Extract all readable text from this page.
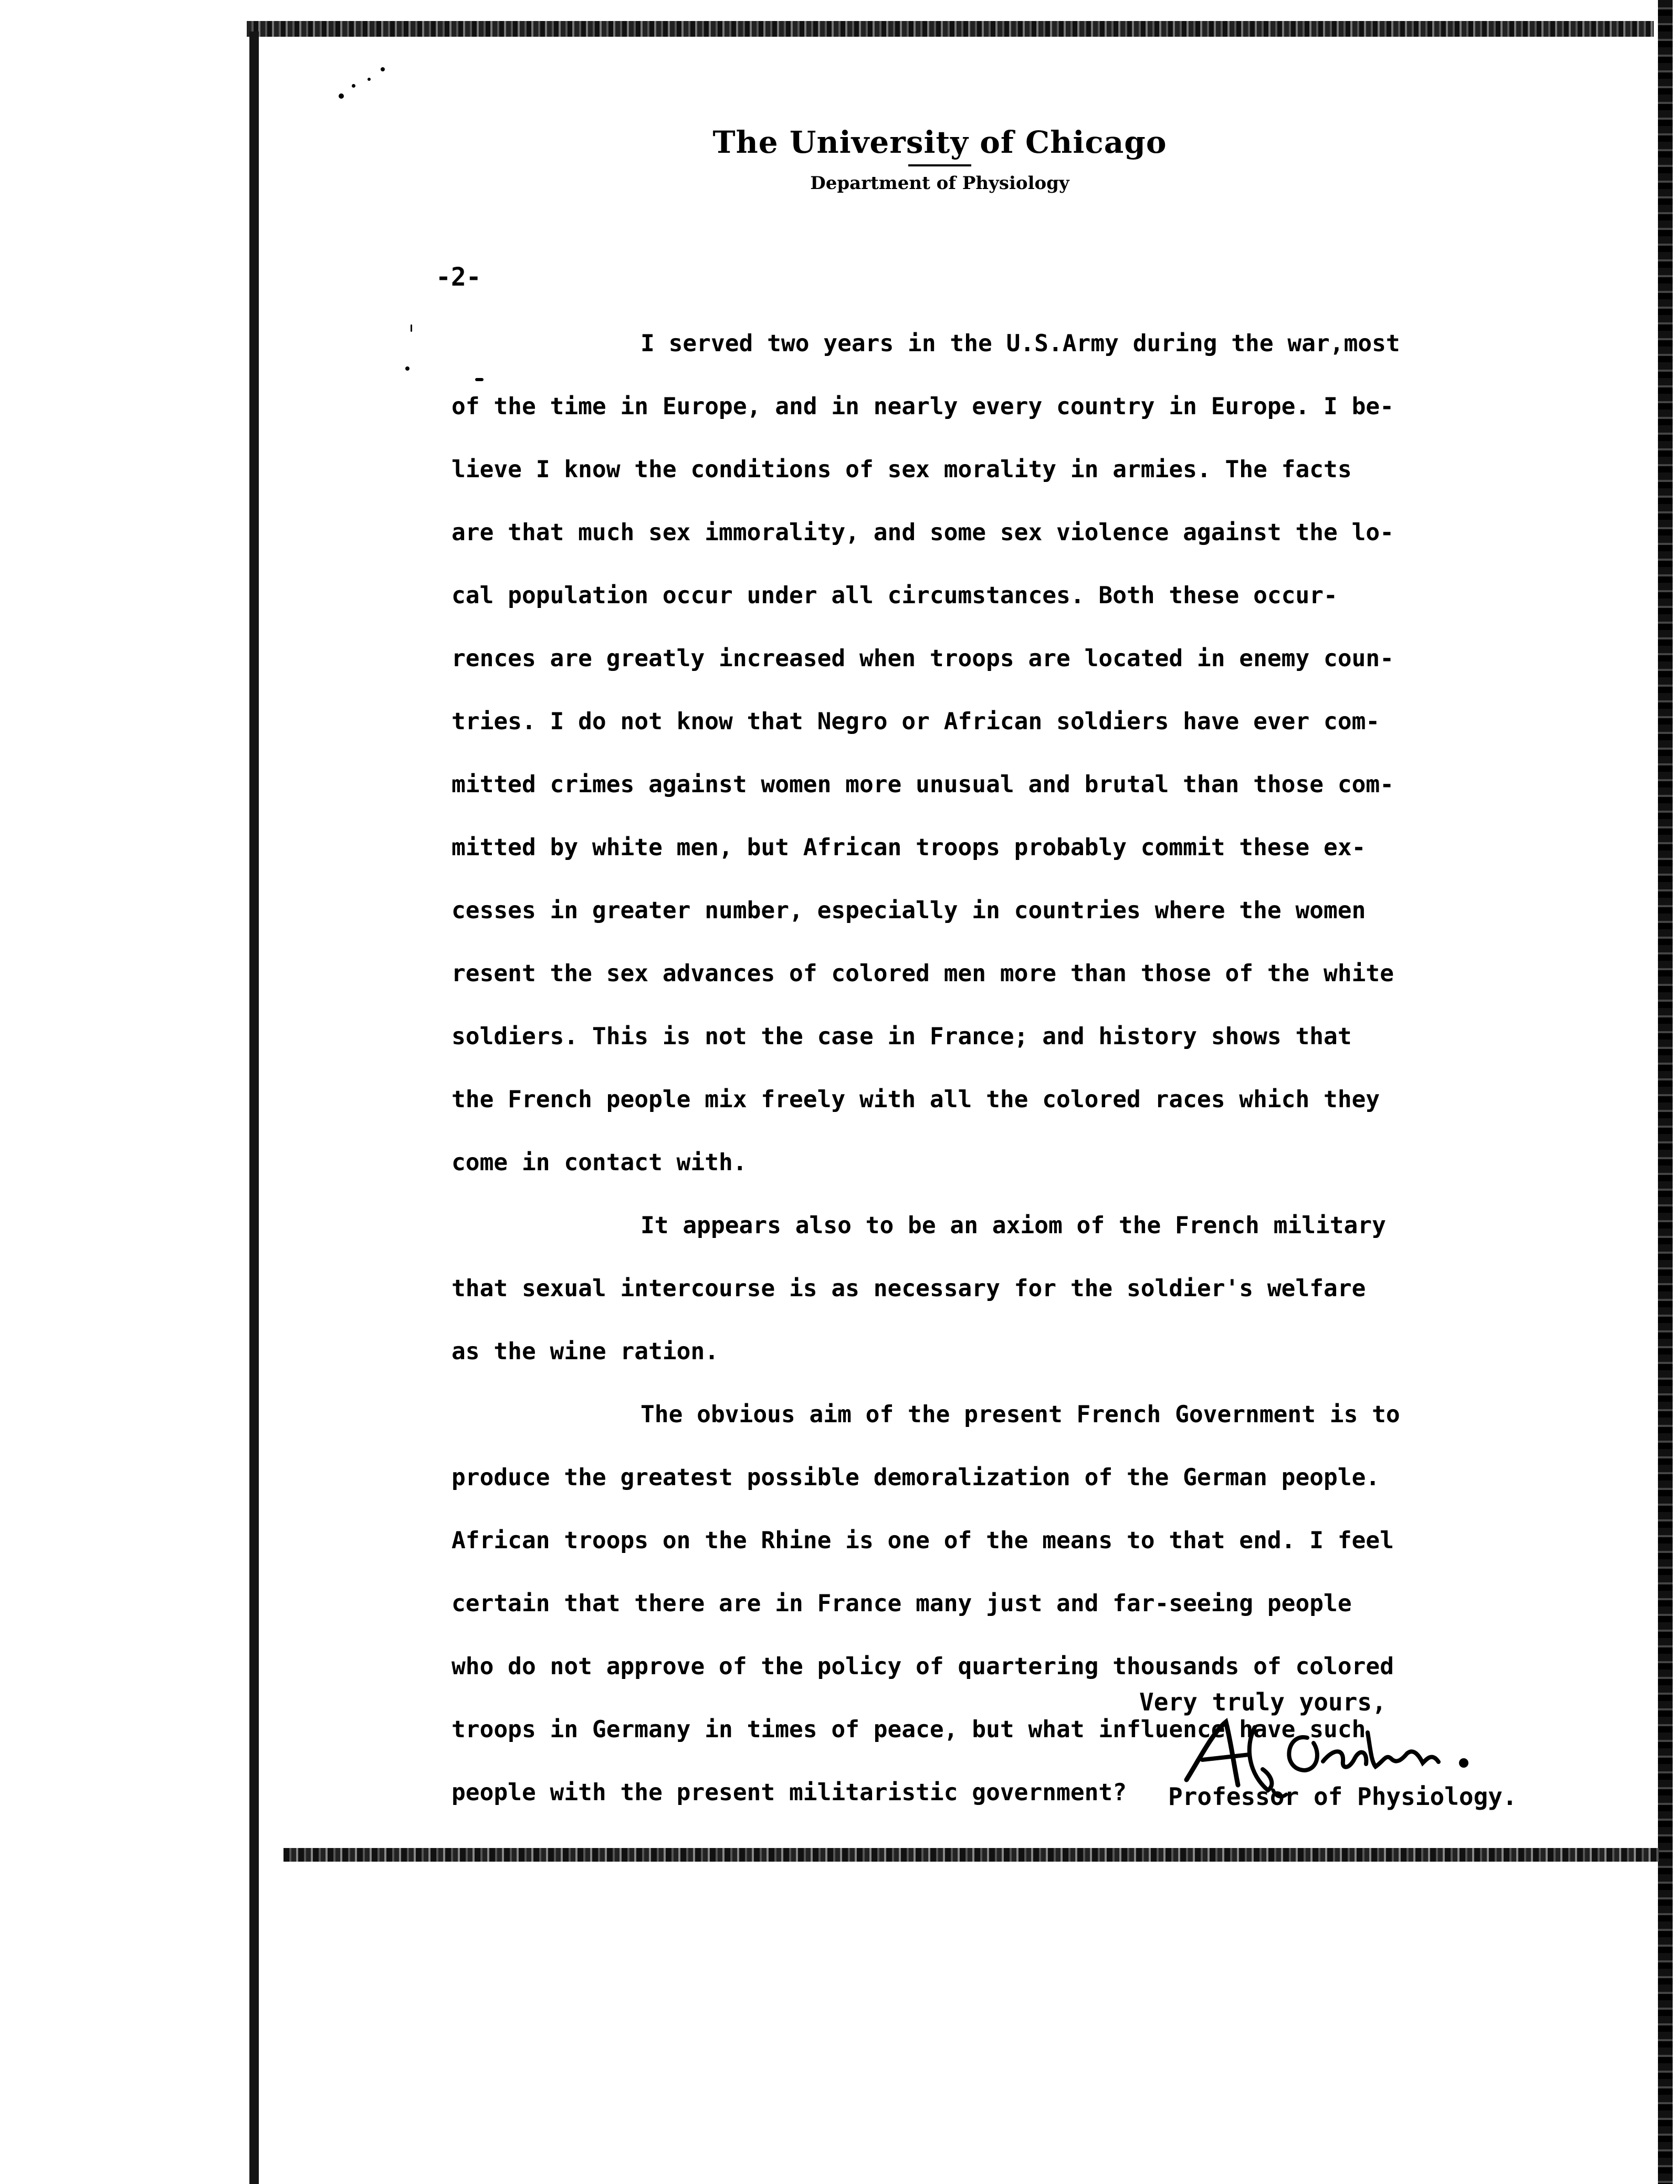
The University of Chicago
Department of Physiology
-2-
I served two years in the U.S.Army during the war,most
of the time in Europe, and in nearly every country in Europe. I be-
lieve I know the conditions of sex morality in armies. The facts
are that much sex immorality, and some sex violence against the lo-
cal population occur under all circumstances. Both these occur-
rences are greatly increased when troops are located in enemy coun-
tries. I do not know that Negro or African soldiers have ever com-
mitted crimes against women more unusual and brutal than those com-
mitted by white men, but African troops probably commit these ex-
cesses in greater number, especially in countries where the women
resent the sex advances of colored men more than those of the white
soldiers. This is not the case in France; and history shows that
the French people mix freely with all the colored races which they
come in contact with.
It appears also to be an axiom of the French military
that sexual intercourse is as necessary for the soldier's welfare
as the wine ration.
The obvious aim of the present French Government is to
produce the greatest possible demoralization of the German people.
African troops on the Rhine is one of the means to that end. I feel
certain that there are in France many just and far-seeing people
who do not approve of the policy of quartering thousands of colored
troops in Germany in times of peace, but what influence have such
people with the present militaristic government?
Very truly yours,
Professor of Physiology.
